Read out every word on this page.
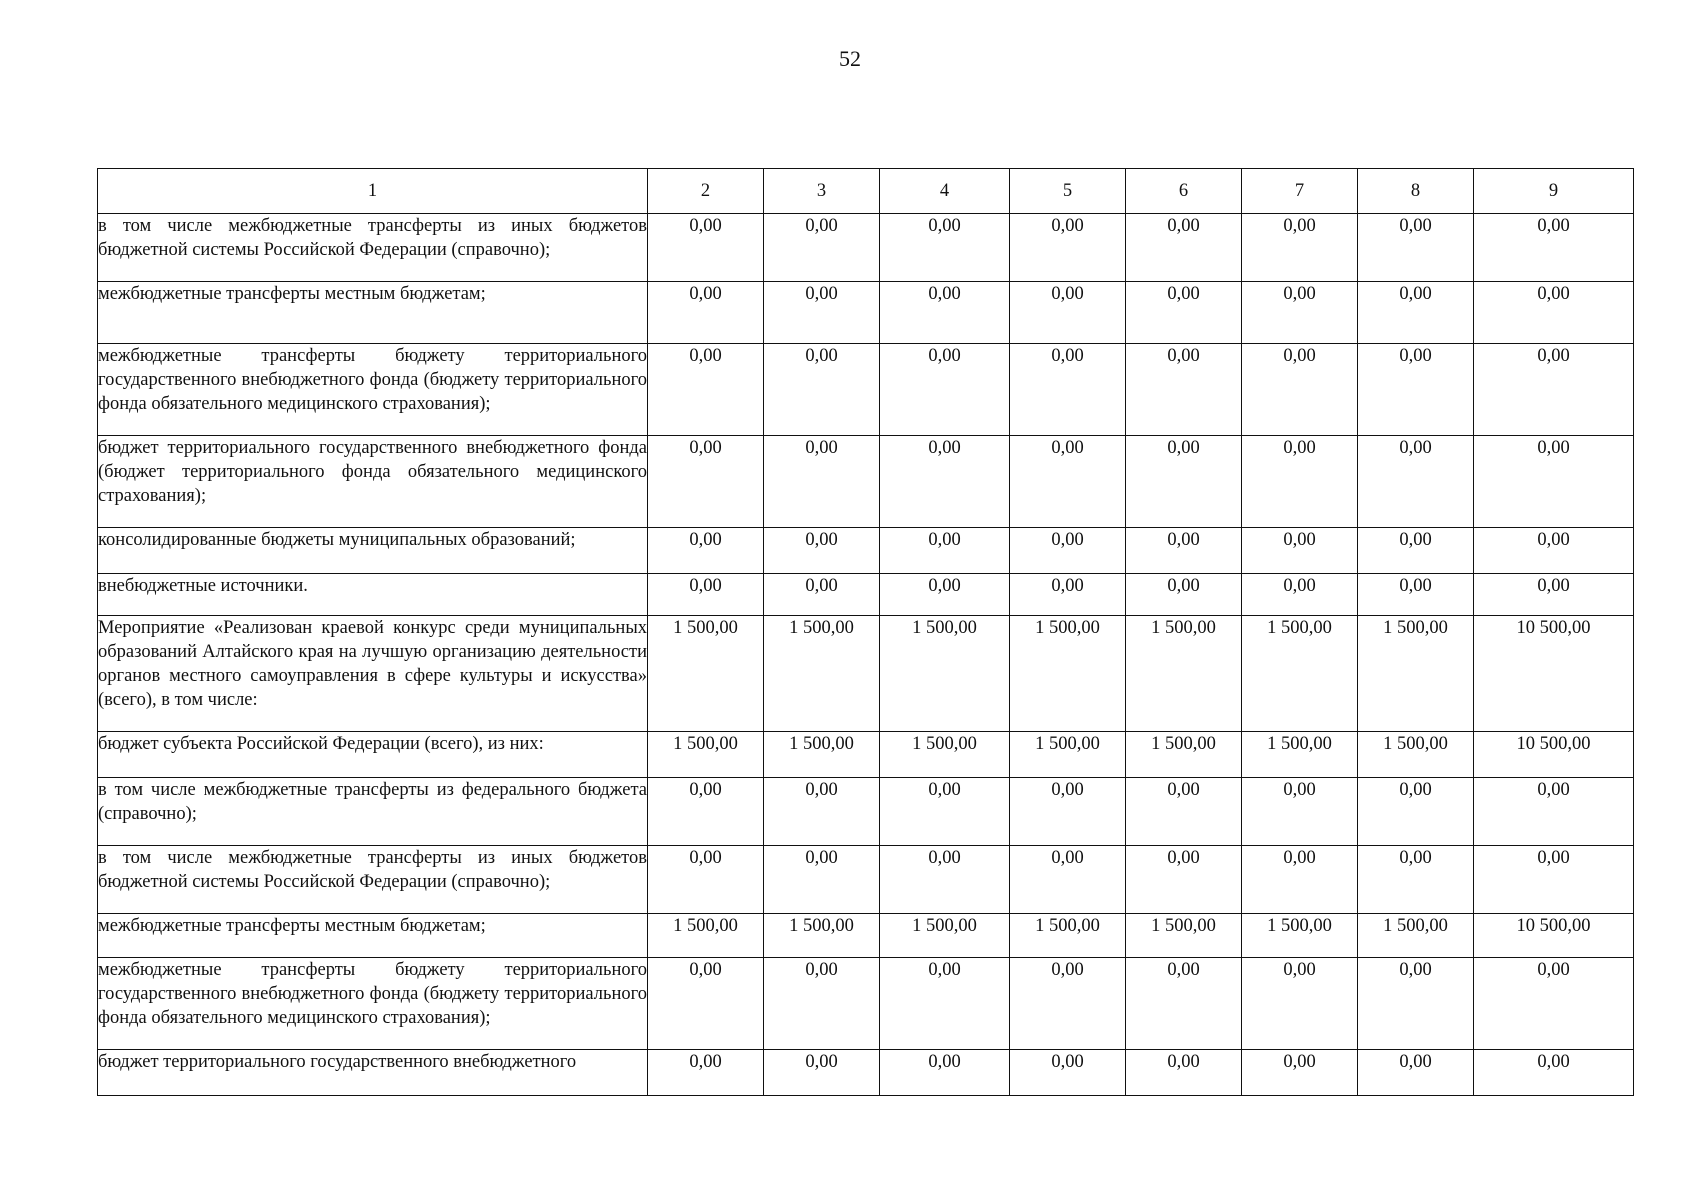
52
1	2	3	4	5	6	7	8	9
в том числе межбюджетные трансферты из иных бюджетов бюджетной системы Российской Федерации (справочно);	0,00	0,00	0,00	0,00	0,00	0,00	0,00	0,00
межбюджетные трансферты местным бюджетам;	0,00	0,00	0,00	0,00	0,00	0,00	0,00	0,00
межбюджетные трансферты бюджету территориального государственного внебюджетного фонда (бюджету территориального фонда обязательного медицинского страхования);	0,00	0,00	0,00	0,00	0,00	0,00	0,00	0,00
бюджет территориального государственного внебюджетного фонда (бюджет территориального фонда обязательного медицинского страхования);	0,00	0,00	0,00	0,00	0,00	0,00	0,00	0,00
консолидированные бюджеты муниципальных образований;	0,00	0,00	0,00	0,00	0,00	0,00	0,00	0,00
внебюджетные источники.	0,00	0,00	0,00	0,00	0,00	0,00	0,00	0,00
Мероприятие «Реализован краевой конкурс среди муниципальных образований Алтайского края на лучшую организацию деятельности органов местного самоуправления в сфере культуры и искусства» (всего), в том числе:	1 500,00	1 500,00	1 500,00	1 500,00	1 500,00	1 500,00	1 500,00	10 500,00
бюджет субъекта Российской Федерации (всего), из них:	1 500,00	1 500,00	1 500,00	1 500,00	1 500,00	1 500,00	1 500,00	10 500,00
в том числе межбюджетные трансферты из федерального бюджета (справочно);	0,00	0,00	0,00	0,00	0,00	0,00	0,00	0,00
в том числе межбюджетные трансферты из иных бюджетов бюджетной системы Российской Федерации (справочно);	0,00	0,00	0,00	0,00	0,00	0,00	0,00	0,00
межбюджетные трансферты местным бюджетам;	1 500,00	1 500,00	1 500,00	1 500,00	1 500,00	1 500,00	1 500,00	10 500,00
межбюджетные трансферты бюджету территориального государственного внебюджетного фонда (бюджету территориального фонда обязательного медицинского страхования);	0,00	0,00	0,00	0,00	0,00	0,00	0,00	0,00
бюджет территориального государственного внебюджетного	0,00	0,00	0,00	0,00	0,00	0,00	0,00	0,00
